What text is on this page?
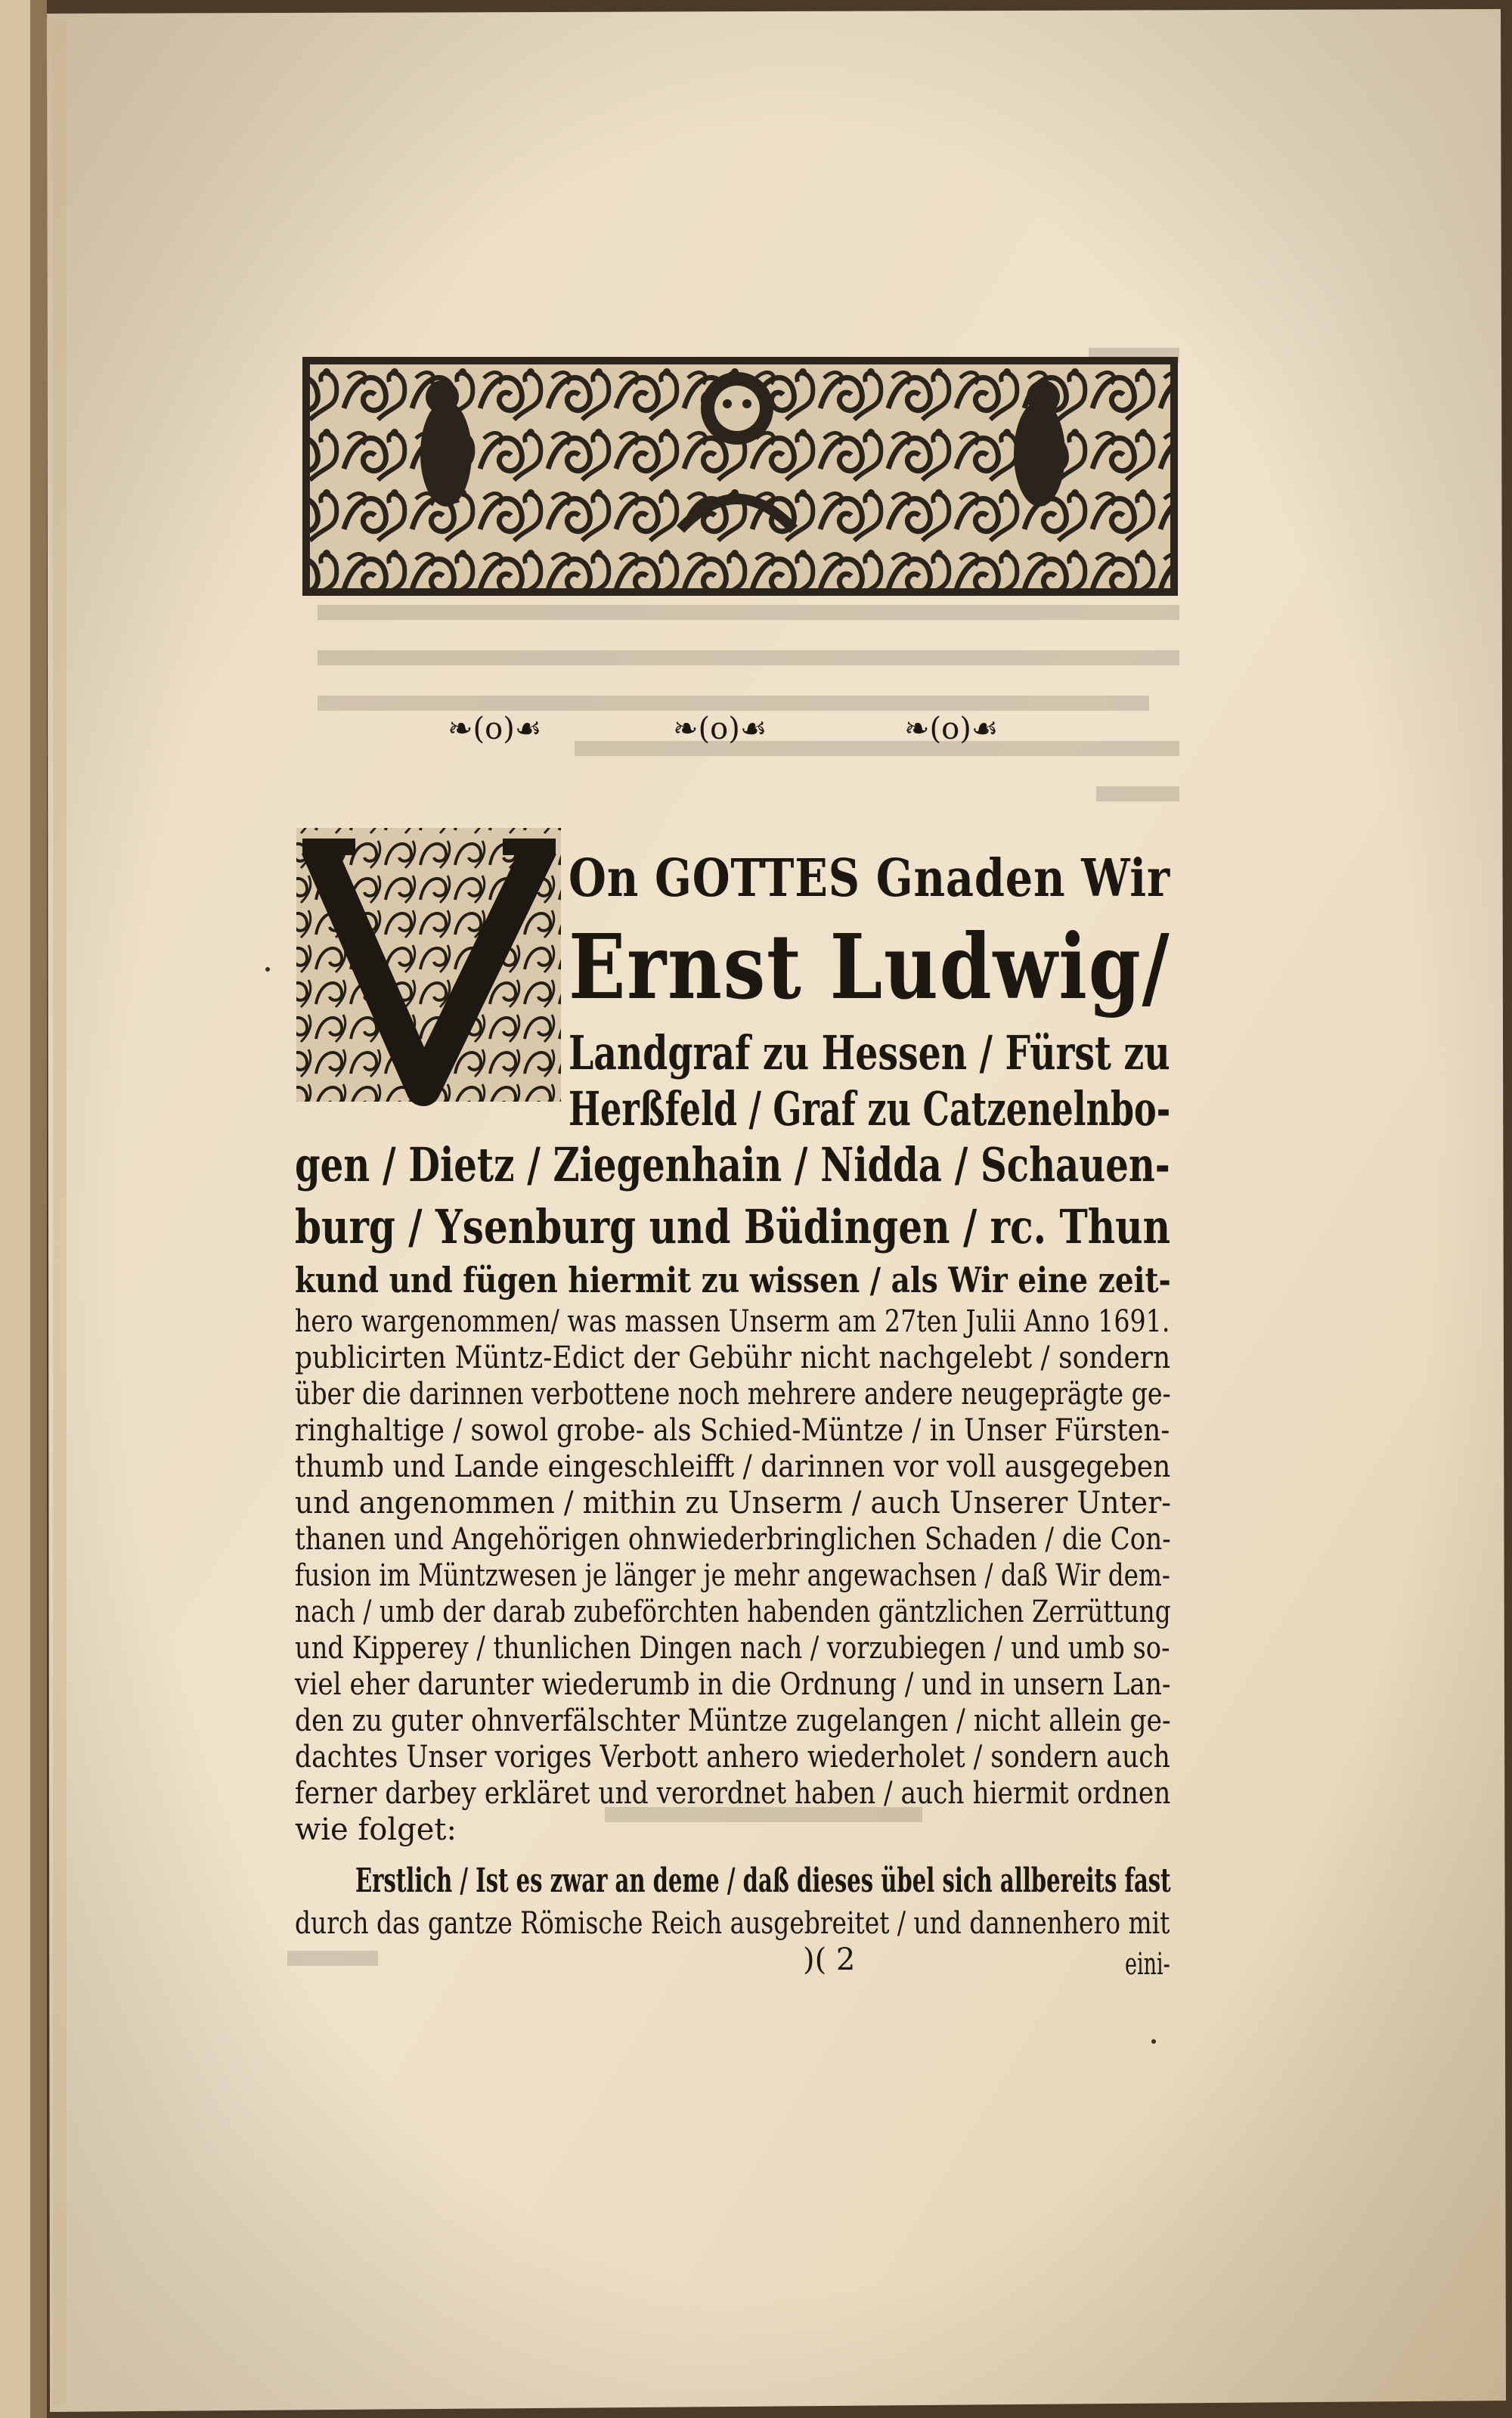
❧(o)☙	❧(o)☙	❧(o)☙
On GOTTES Gnaden Wir
Ernst Ludwig/
Landgraf zu Hessen / Fürst zu
Herßfeld / Graf zu Catzenelnbo-
gen / Dietz / Ziegenhain / Nidda / Schauen-
burg / Ysenburg und Büdingen / rc. Thun
kund und fügen hiermit zu wissen / als Wir eine zeit-
hero wargenommen/ was massen Unserm am 27ten Julii Anno 1691.
publicirten Müntz-Edict der Gebühr nicht nachgelebt / sondern
über die darinnen verbottene noch mehrere andere neugeprägte ge-
ringhaltige / sowol grobe- als Schied-Müntze / in Unser Fürsten-
thumb und Lande eingeschleifft / darinnen vor voll ausgegeben
und angenommen / mithin zu Unserm / auch Unserer Unter-
thanen und Angehörigen ohnwiederbringlichen Schaden / die Con-
fusion im Müntzwesen je länger je mehr angewachsen / daß Wir dem-
nach / umb der darab zubeförchten habenden gäntzlichen Zerrüttung
und Kipperey / thunlichen Dingen nach / vorzubiegen / und umb so-
viel eher darunter wiederumb in die Ordnung / und in unsern Lan-
den zu guter ohnverfälschter Müntze zugelangen / nicht allein ge-
dachtes Unser voriges Verbott anhero wiederholet / sondern auch
ferner darbey erkläret und verordnet haben / auch hiermit ordnen
wie folget:
Erstlich / Ist es zwar an deme / daß dieses übel sich allbereits fast
durch das gantze Römische Reich ausgebreitet / und dannenhero mit
)( 2	eini-
